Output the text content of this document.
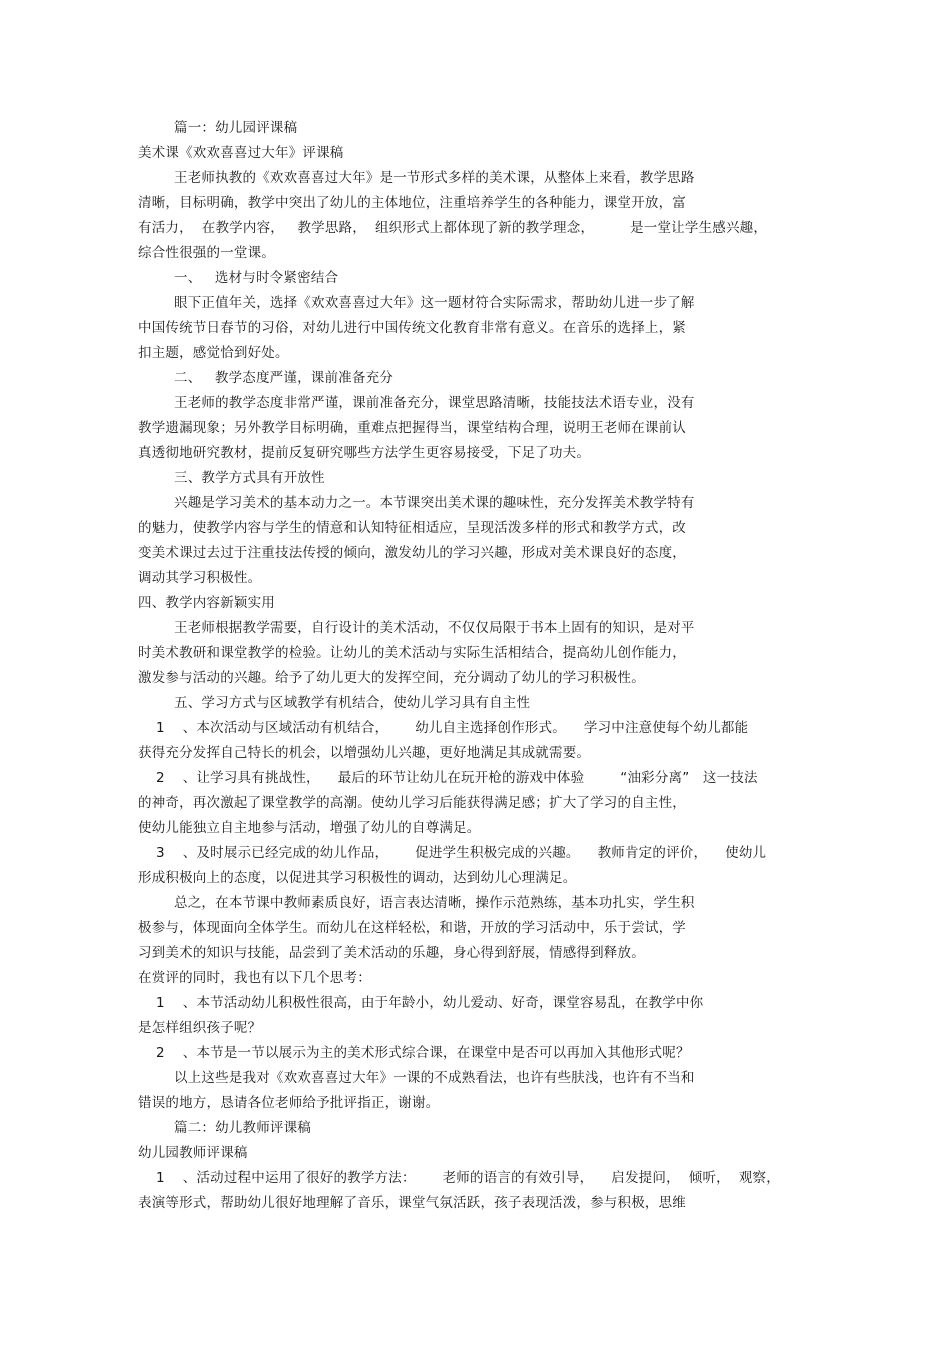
篇一：幼儿园评课稿
美术课《欢欢喜喜过大年》评课稿
王老师执教的《欢欢喜喜过大年》是一节形式多样的美术课，从整体上来看，教学思路
清晰，目标明确，教学中突出了幼儿的主体地位，注重培养学生的各种能力，课堂开放，富
有活力，  在教学内容，   教学思路，  组织形式上都体现了新的教学理念，        是一堂让学生感兴趣，
综合性很强的一堂课。
一、   选材与时令紧密结合
眼下正值年关，选择《欢欢喜喜过大年》这一题材符合实际需求，帮助幼儿进一步了解
中国传统节日春节的习俗，对幼儿进行中国传统文化教育非常有意义。在音乐的选择上，紧
扣主题，感觉恰到好处。
二、   教学态度严谨，课前准备充分
王老师的教学态度非常严谨，课前准备充分，课堂思路清晰，技能技法术语专业，没有
教学遗漏现象；另外教学目标明确，重难点把握得当，课堂结构合理，说明王老师在课前认
真透彻地研究教材，提前反复研究哪些方法学生更容易接受，下足了功夫。
三、教学方式具有开放性
兴趣是学习美术的基本动力之一。本节课突出美术课的趣味性，充分发挥美术教学特有
的魅力，使教学内容与学生的情意和认知特征相适应，呈现活泼多样的形式和教学方式，改
变美术课过去过于注重技法传授的倾向，激发幼儿的学习兴趣，形成对美术课良好的态度，
调动其学习积极性。
四、教学内容新颖实用
王老师根据教学需要，自行设计的美术活动，不仅仅局限于书本上固有的知识，是对平
时美术教研和课堂教学的检验。让幼儿的美术活动与实际生活相结合，提高幼儿创作能力，
激发参与活动的兴趣。给予了幼儿更大的发挥空间，充分调动了幼儿的学习积极性。
五、学习方式与区域教学有机结合，使幼儿学习具有自主性
1    、本次活动与区域活动有机结合，      幼儿自主选择创作形式。    学习中注意使每个幼儿都能
获得充分发挥自己特长的机会，以增强幼儿兴趣，更好地满足其成就需要。
2    、让学习具有挑战性，    最后的环节让幼儿在玩开枪的游戏中体验        “油彩分离”   这一技法
的神奇，再次激起了课堂教学的高潮。使幼儿学习后能获得满足感；扩大了学习的自主性，
使幼儿能独立自主地参与活动，增强了幼儿的自尊满足。
3    、及时展示已经完成的幼儿作品，      促进学生积极完成的兴趣。    教师肯定的评价，    使幼儿
形成积极向上的态度，以促进其学习积极性的调动，达到幼儿心理满足。
总之，在本节课中教师素质良好，语言表达清晰，操作示范熟练，基本功扎实，学生积
极参与，体现面向全体学生。而幼儿在这样轻松，和谐，开放的学习活动中，乐于尝试，学
习到美术的知识与技能，品尝到了美术活动的乐趣，身心得到舒展，情感得到释放。
在赏评的同时，我也有以下几个思考：
1    、本节活动幼儿积极性很高，由于年龄小，幼儿爱动、好奇，课堂容易乱，在教学中你
是怎样组织孩子呢？
2    、本节是一节以展示为主的美术形式综合课，在课堂中是否可以再加入其他形式呢？
以上这些是我对《欢欢喜喜过大年》一课的不成熟看法，也许有些肤浅，也许有不当和
错误的地方，恳请各位老师给予批评指正，谢谢。
篇二：幼儿教师评课稿
幼儿园教师评课稿
1    、活动过程中运用了很好的教学方法：      老师的语言的有效引导，    启发提问，  倾听，  观察，
表演等形式，帮助幼儿很好地理解了音乐，课堂气氛活跃，孩子表现活泼，参与积极，思维
